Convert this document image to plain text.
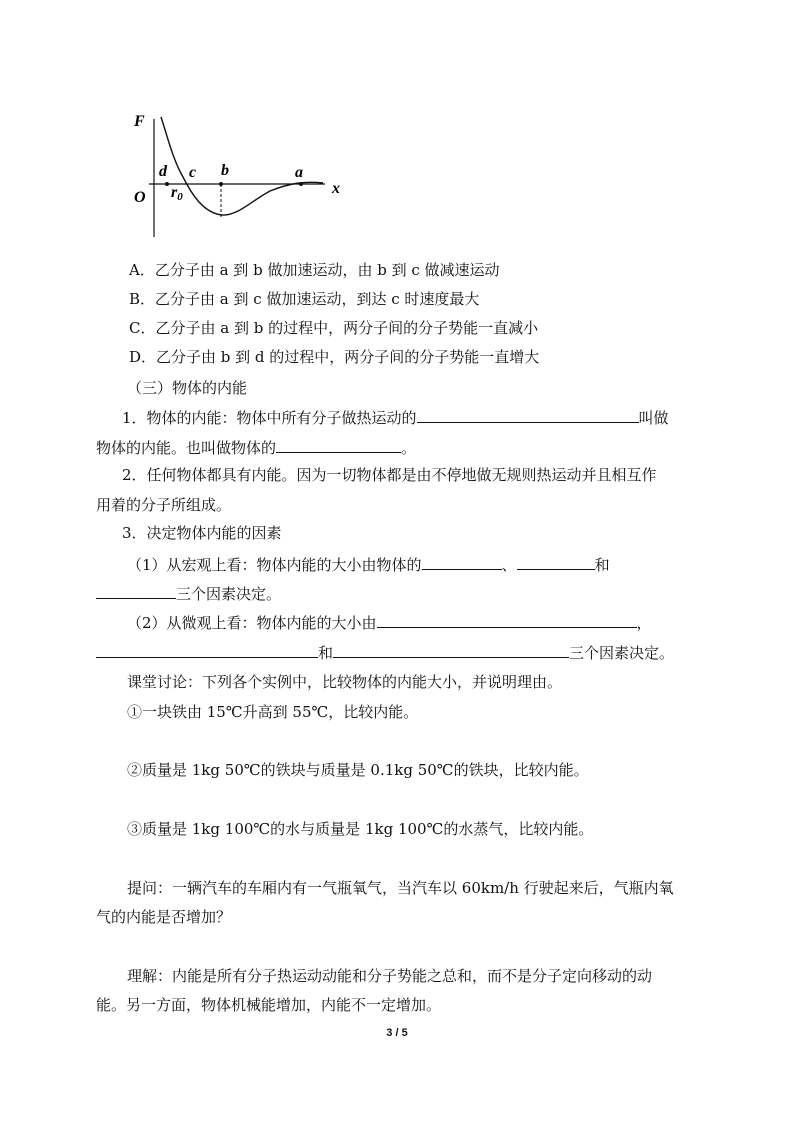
F
x
O
d c b	a
r0
A．乙分子由 a 到 b 做加速运动，由 b 到 c 做减速运动
B．乙分子由 a 到 c 做加速运动，到达 c 时速度最大
C．乙分子由 a 到 b 的过程中，两分子间的分子势能一直减小
D．乙分子由 b 到 d 的过程中，两分子间的分子势能一直增大
（三）物体的内能
1．物体的内能：物体中所有分子做热运动的	叫做
物体的内能。也叫做物体的	。
2．任何物体都具有内能。因为一切物体都是由不停地做无规则热运动并且相互作
用着的分子所组成。
3．决定物体内能的因素
（1）从宏观上看：物体内能的大小由物体的	、	和
三个因素决定。
（2）从微观上看：物体内能的大小由	，
和	三个因素决定。
课堂讨论：下列各个实例中，比较物体的内能大小，并说明理由。
①一块铁由 15℃升高到 55℃，比较内能。
②质量是 1kg 50℃的铁块与质量是 0.1kg 50℃的铁块，比较内能。
③质量是 1kg 100℃的水与质量是 1kg 100℃的水蒸气，比较内能。
提问：一辆汽车的车厢内有一气瓶氧气，当汽车以 60km/h 行驶起来后，气瓶内氧
气的内能是否增加？
理解：内能是所有分子热运动动能和分子势能之总和，而不是分子定向移动的动
能。另一方面，物体机械能增加，内能不一定增加。
3 / 5
